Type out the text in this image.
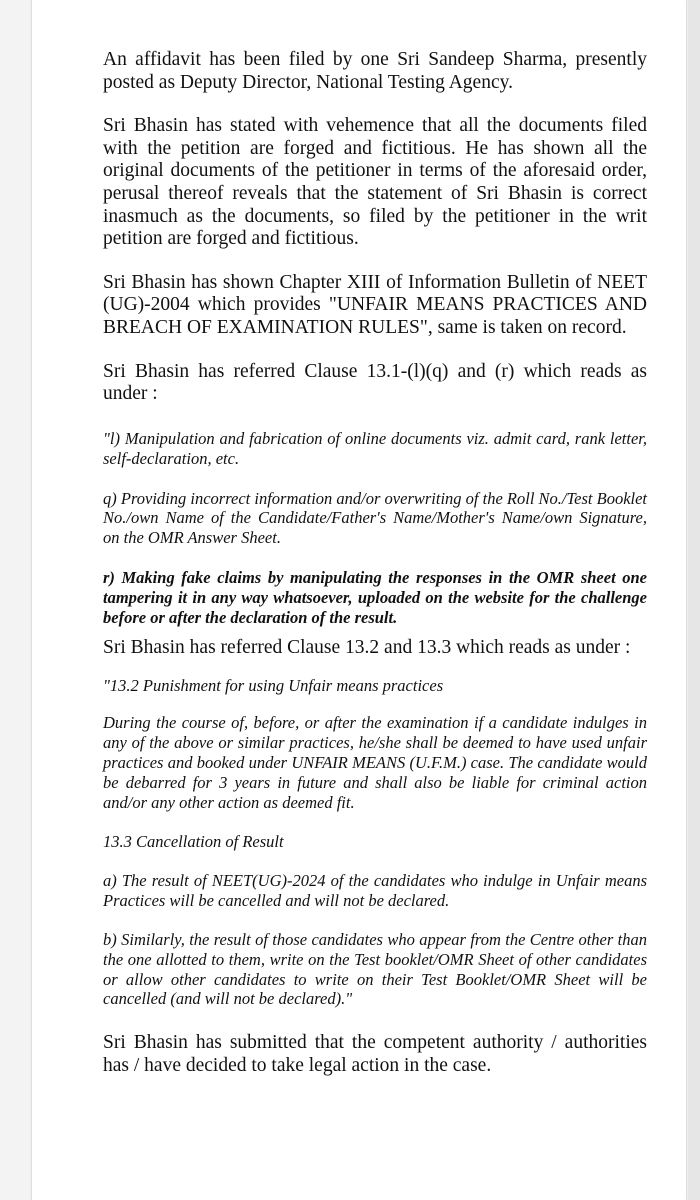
An affidavit has been filed by one Sri Sandeep Sharma, presently posted as Deputy Director, National Testing Agency.

Sri Bhasin has stated with vehemence that all the documents filed with the petition are forged and fictitious. He has shown all the original documents of the petitioner in terms of the aforesaid order, perusal thereof reveals that the statement of Sri Bhasin is correct inasmuch as the documents, so filed by the petitioner in the writ petition are forged and fictitious.

Sri Bhasin has shown Chapter XIII of Information Bulletin of NEET (UG)-2004 which provides "UNFAIR MEANS PRACTICES AND BREACH OF EXAMINATION RULES", same is taken on record.

Sri Bhasin has referred Clause 13.1-(l)(q) and (r) which reads as under :

"l) Manipulation and fabrication of online documents viz. admit card, rank letter, self-declaration, etc.

q) Providing incorrect information and/or overwriting of the Roll No./Test Booklet No./own Name of the Candidate/Father's Name/Mother's Name/own Signature, on the OMR Answer Sheet.

r) Making fake claims by manipulating the responses in the OMR sheet one tampering it in any way whatsoever, uploaded on the website for the challenge before or after the declaration of the result.

Sri Bhasin has referred Clause 13.2 and 13.3 which reads as under :

"13.2 Punishment for using Unfair means practices

During the course of, before, or after the examination if a candidate indulges in any of the above or similar practices, he/she shall be deemed to have used unfair practices and booked under UNFAIR MEANS (U.F.M.) case. The candidate would be debarred for 3 years in future and shall also be liable for criminal action and/or any other action as deemed fit.

13.3 Cancellation of Result

a) The result of NEET(UG)-2024 of the candidates who indulge in Unfair means Practices will be cancelled and will not be declared.

b) Similarly, the result of those candidates who appear from the Centre other than the one allotted to them, write on the Test booklet/OMR Sheet of other candidates or allow other candidates to write on their Test Booklet/OMR Sheet will be cancelled (and will not be declared)."

Sri Bhasin has submitted that the competent authority / authorities has / have decided to take legal action in the case.
